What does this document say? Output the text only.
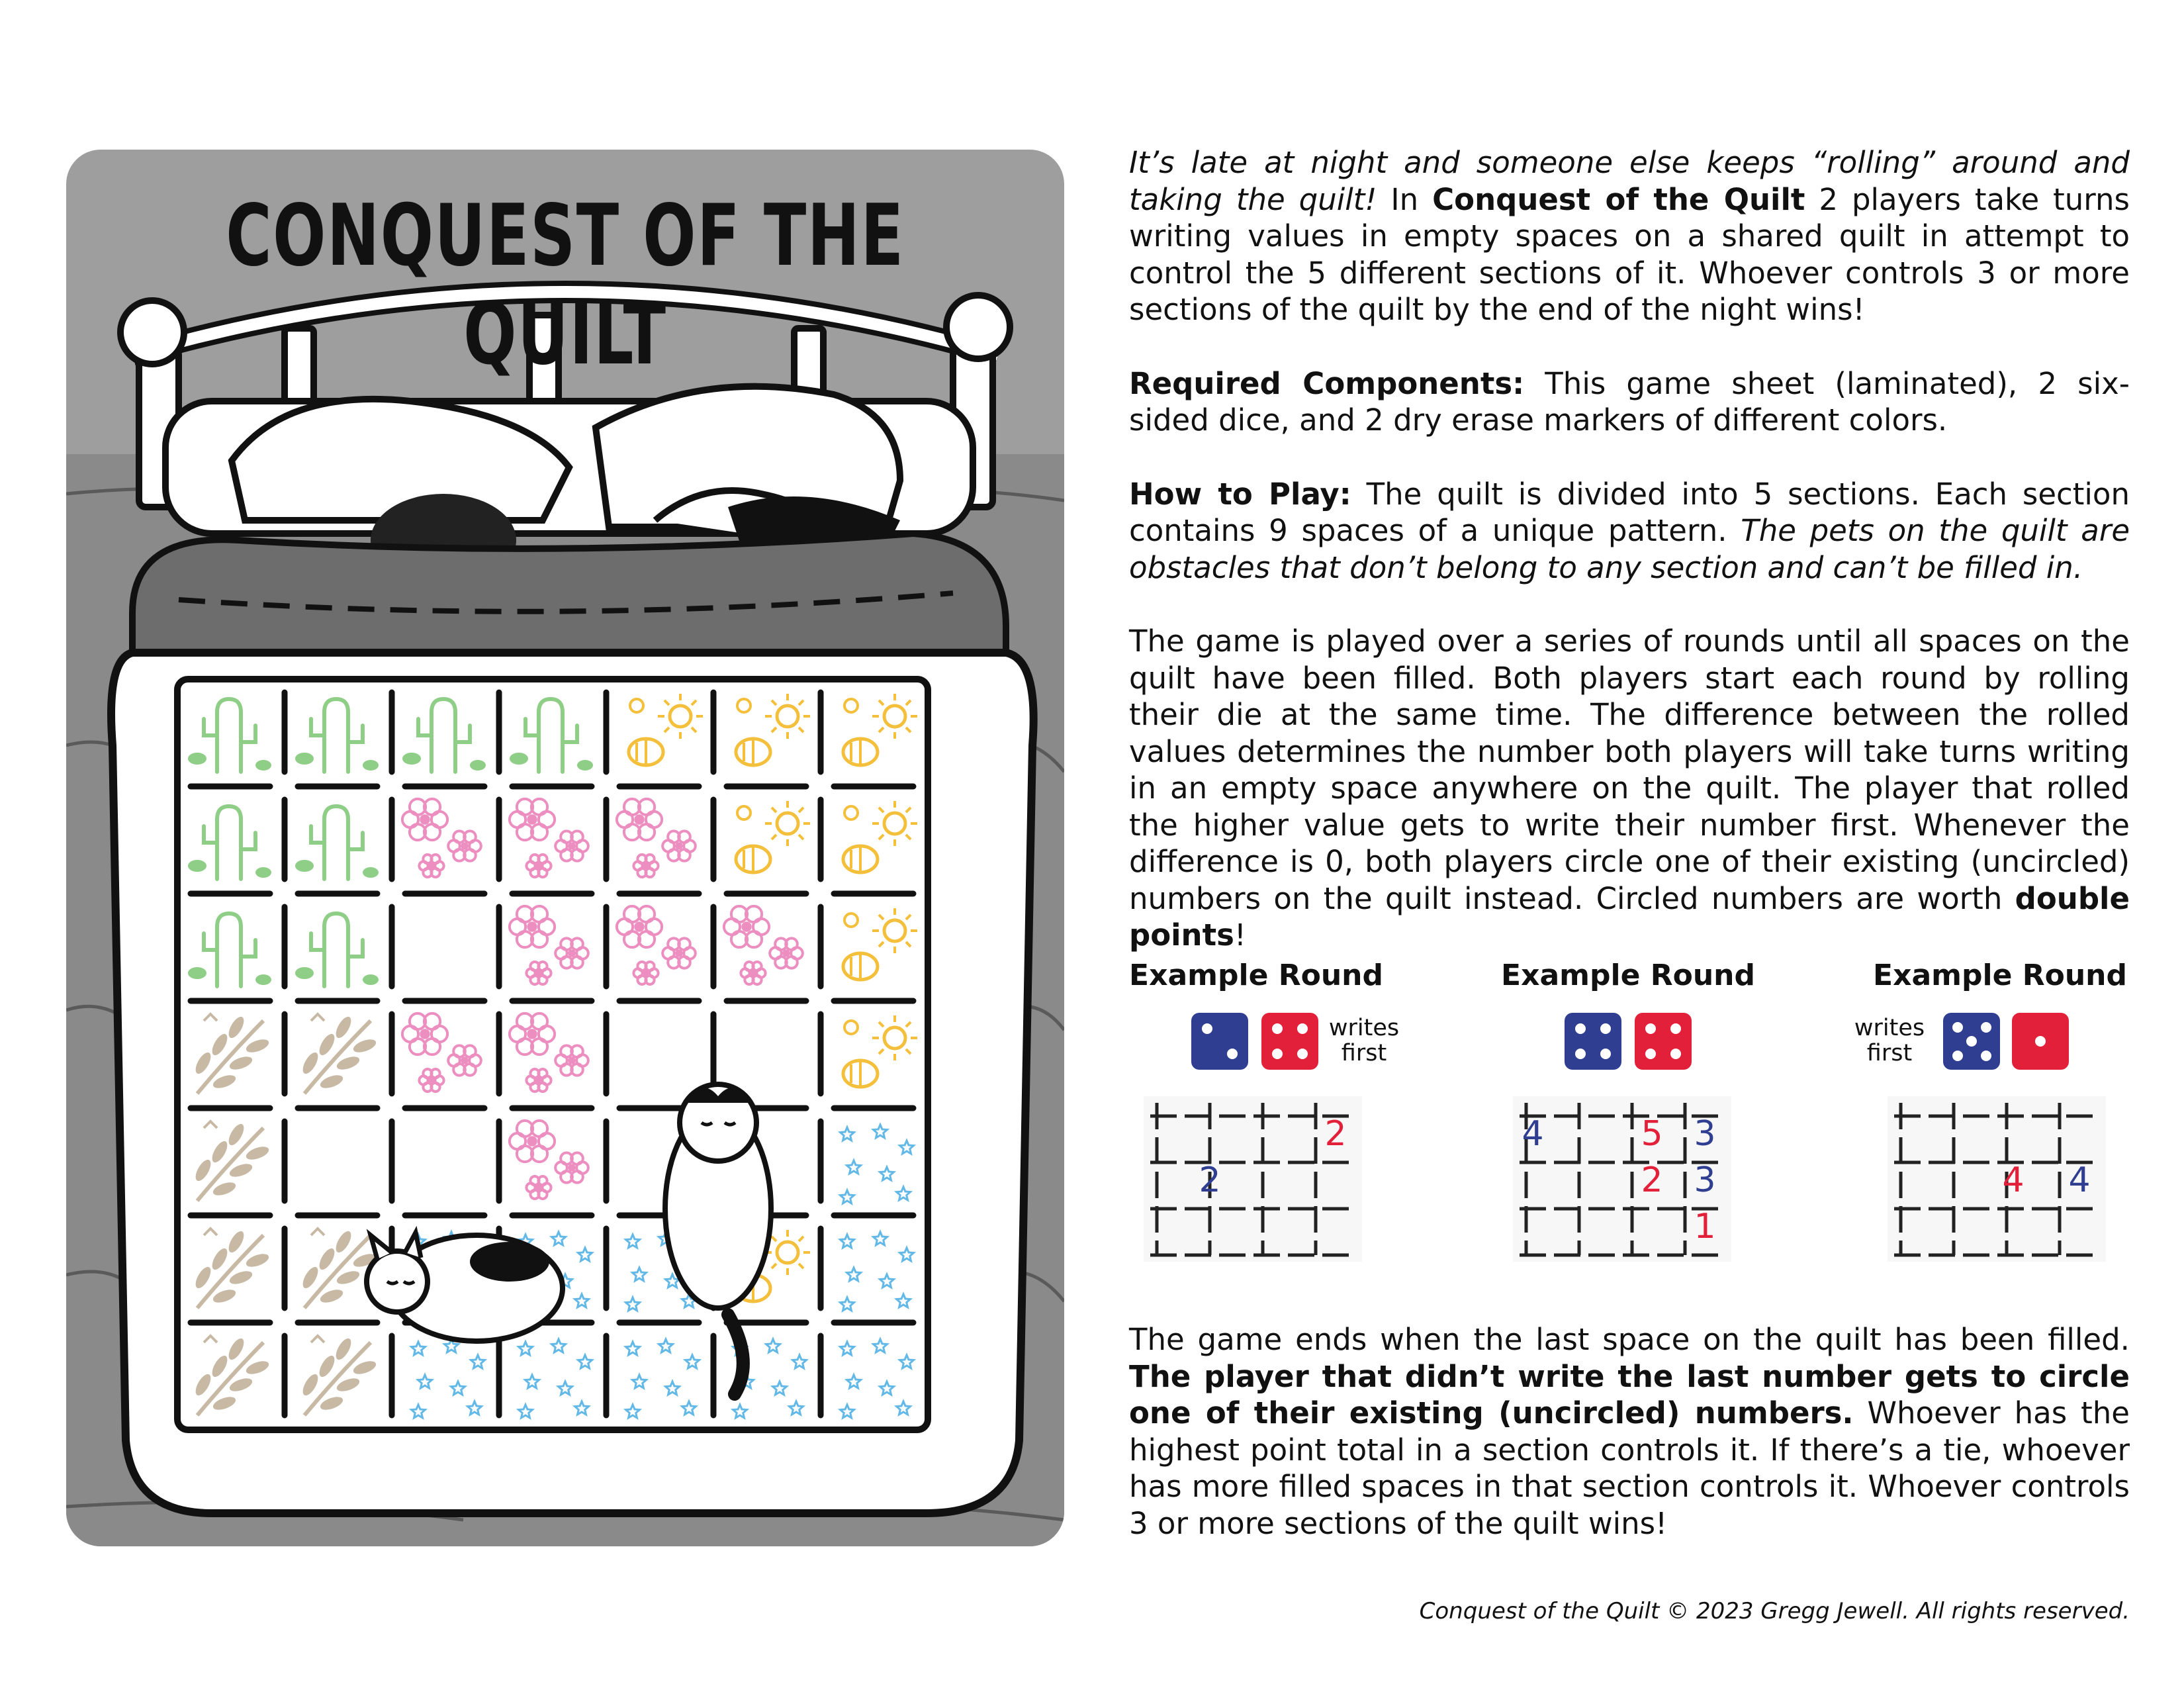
CONQUEST OF THE QUILT

It’s late at night and someone else keeps “rolling” around and taking the quilt! In Conquest of the Quilt 2 players take turns writing values in empty spaces on a shared quilt in attempt to control the 5 different sections of it. Whoever controls 3 or more sections of the quilt by the end of the night wins!

Required Components: This game sheet (laminated), 2 six-sided dice, and 2 dry erase markers of different colors.

How to Play: The quilt is divided into 5 sections. Each section contains 9 spaces of a unique pattern. The pets on the quilt are obstacles that don’t belong to any section and can’t be filled in.

The game is played over a series of rounds until all spaces on the quilt have been filled. Both players start each round by rolling their die at the same time. The difference between the rolled values determines the number both players will take turns writing in an empty space anywhere on the quilt. The player that rolled the higher value gets to write their number first. Whenever the difference is 0, both players circle one of their existing (uncircled) numbers on the quilt instead. Circled numbers are worth double points!

The game ends when the last space on the quilt has been filled. The player that didn’t write the last number gets to circle one of their existing (uncircled) numbers. Whoever has the highest point total in a section controls it. If there’s a tie, whoever has more filled spaces in that section controls it. Whoever controls 3 or more sections of the quilt wins!
Example Round
writes first
2
2
Example Round
4	5 3
2 3
1
Example Round
writes first
4 4
Conquest of the Quilt © 2023 Gregg Jewell. All rights reserved.
